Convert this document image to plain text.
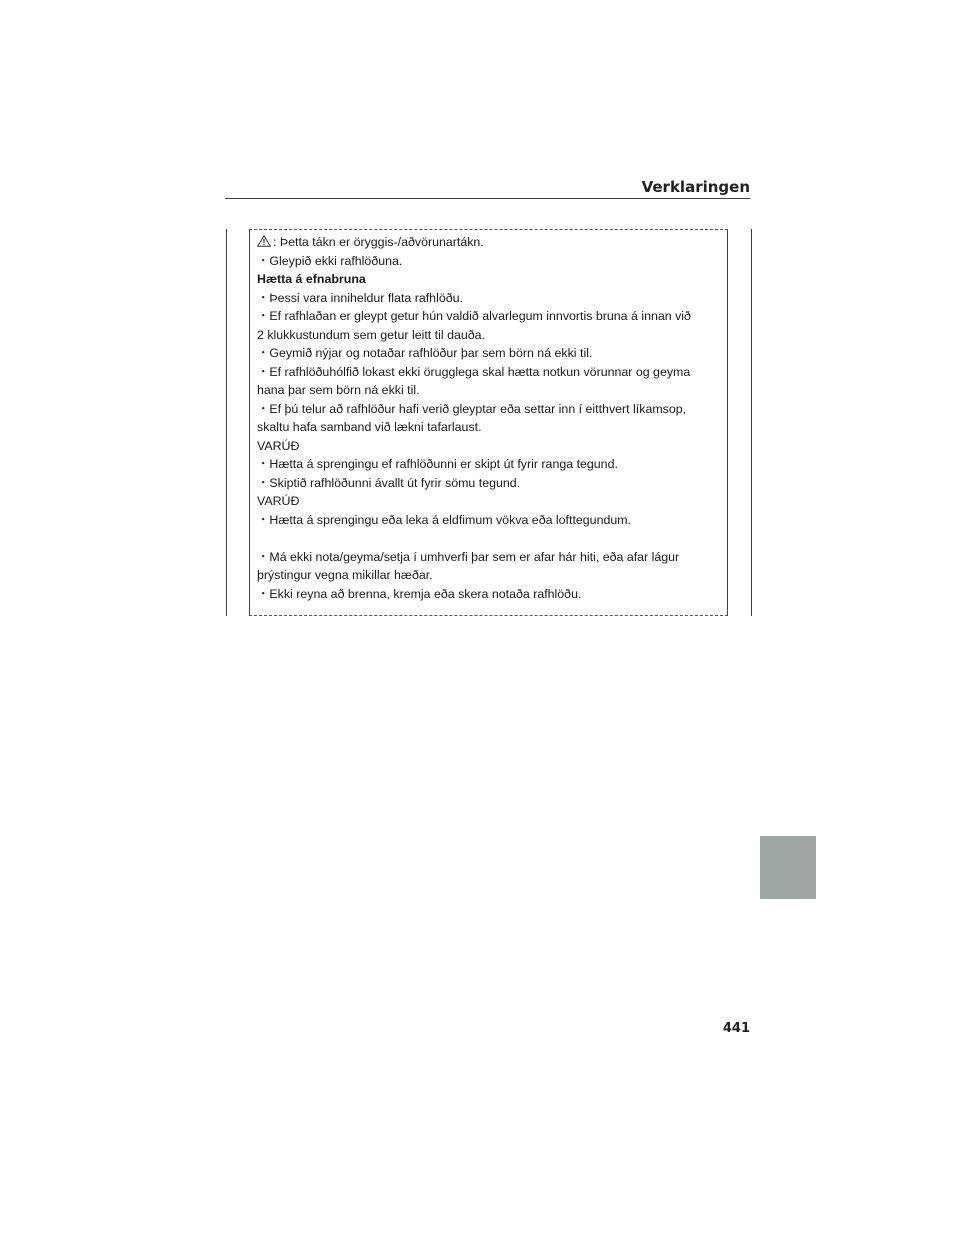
Verklaringen

: Þetta tákn er öryggis-/aðvörunartákn.

・Gleypið ekki rafhlöðuna.

Hætta á efnabruna

・Þessi vara inniheldur flata rafhlöðu.

・Ef rafhlaðan er gleypt getur hún valdið alvarlegum innvortis bruna á innan við

2 klukkustundum sem getur leitt til dauða.

・Geymið nýjar og notaðar rafhlöður þar sem börn ná ekki til.

・Ef rafhlöðuhólfið lokast ekki örugglega skal hætta notkun vörunnar og geyma

hana þar sem börn ná ekki til.

・Ef þú telur að rafhlöður hafi verið gleyptar eða settar inn í eitthvert líkamsop,

skaltu hafa samband við lækni tafarlaust.

VARÚÐ

・Hætta á sprengingu ef rafhlöðunni er skipt út fyrir ranga tegund.

・Skiptið rafhlöðunni ávallt út fyrir sömu tegund.

VARÚÐ

・Hætta á sprengingu eða leka á eldfimum vökva eða lofttegundum.

・Má ekki nota/geyma/setja í umhverfi þar sem er afar hár hiti, eða afar lágur

þrýstingur vegna mikillar hæðar.

・Ekki reyna að brenna, kremja eða skera notaða rafhlöðu.

441
